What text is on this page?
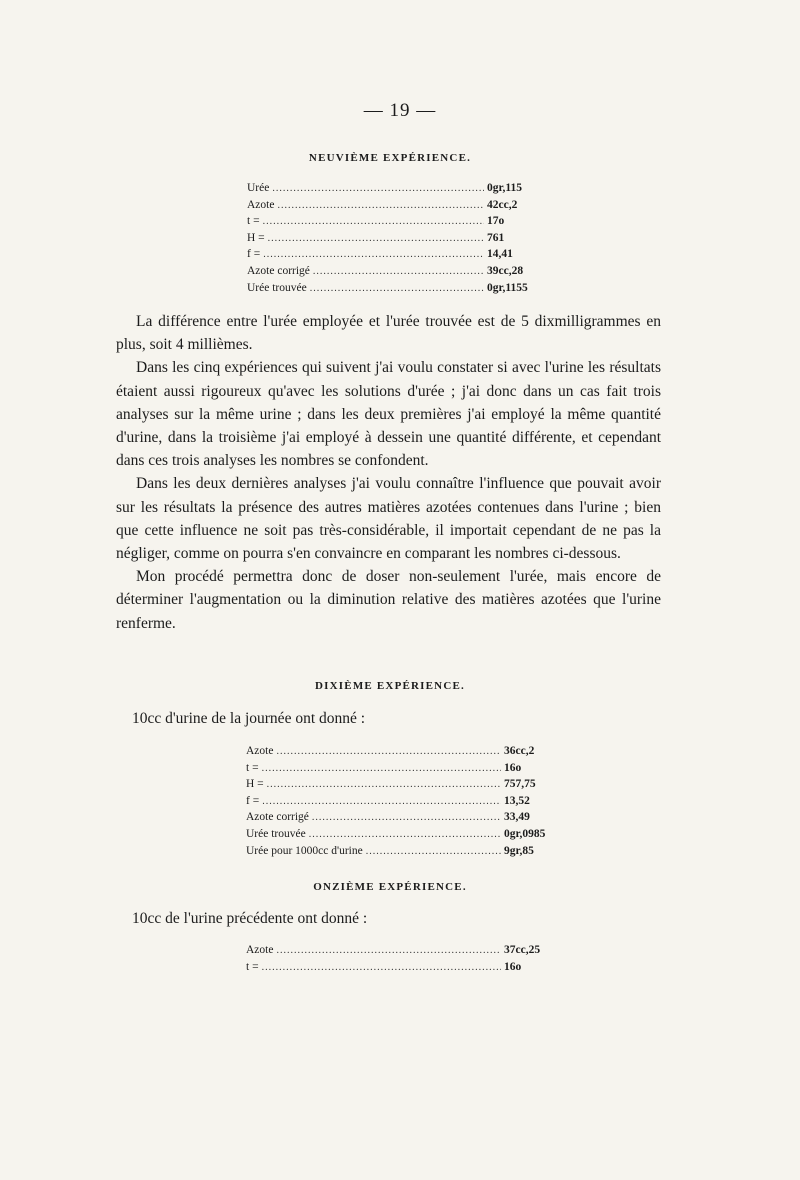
— 19 —
NEUVIÈME EXPÉRIENCE.
Urée .....	0gr,115
Azote .....	42cc,2
t = .....	17o
H = .....	761
f = .....	14,41
Azote corrigé .....	39cc,28
Urée trouvée .....	0gr,1155

La différence entre l'urée employée et l'urée trouvée est de 5 dixmilligrammes en plus, soit 4 millièmes.

Dans les cinq expériences qui suivent j'ai voulu constater si avec l'urine les résultats étaient aussi rigoureux qu'avec les solutions d'urée ; j'ai donc dans un cas fait trois analyses sur la même urine ; dans les deux premières j'ai employé la même quantité d'urine, dans la troisième j'ai employé à dessein une quantité différente, et cependant dans ces trois analyses les nombres se confondent.

Dans les deux dernières analyses j'ai voulu connaître l'influence que pouvait avoir sur les résultats la présence des autres matières azotées contenues dans l'urine ; bien que cette influence ne soit pas très-considérable, il importait cependant de ne pas la négliger, comme on pourra s'en convaincre en comparant les nombres ci-dessous.

Mon procédé permettra donc de doser non-seulement l'urée, mais encore de déterminer l'augmentation ou la diminution relative des matières azotées que l'urine renferme.

DIXIÈME EXPÉRIENCE.
10cc d'urine de la journée ont donné :
Azote .....	36cc,2
t = .....	16o
H = .....	757,75
f = .....	13,52
Azote corrigé .....	33,49
Urée trouvée .....	0gr,0985
Urée pour 1000cc d'urine .....	9gr,85
ONZIÈME EXPÉRIENCE.
10cc de l'urine précédente ont donné :
Azote .....	37cc,25
t = .....	16o
